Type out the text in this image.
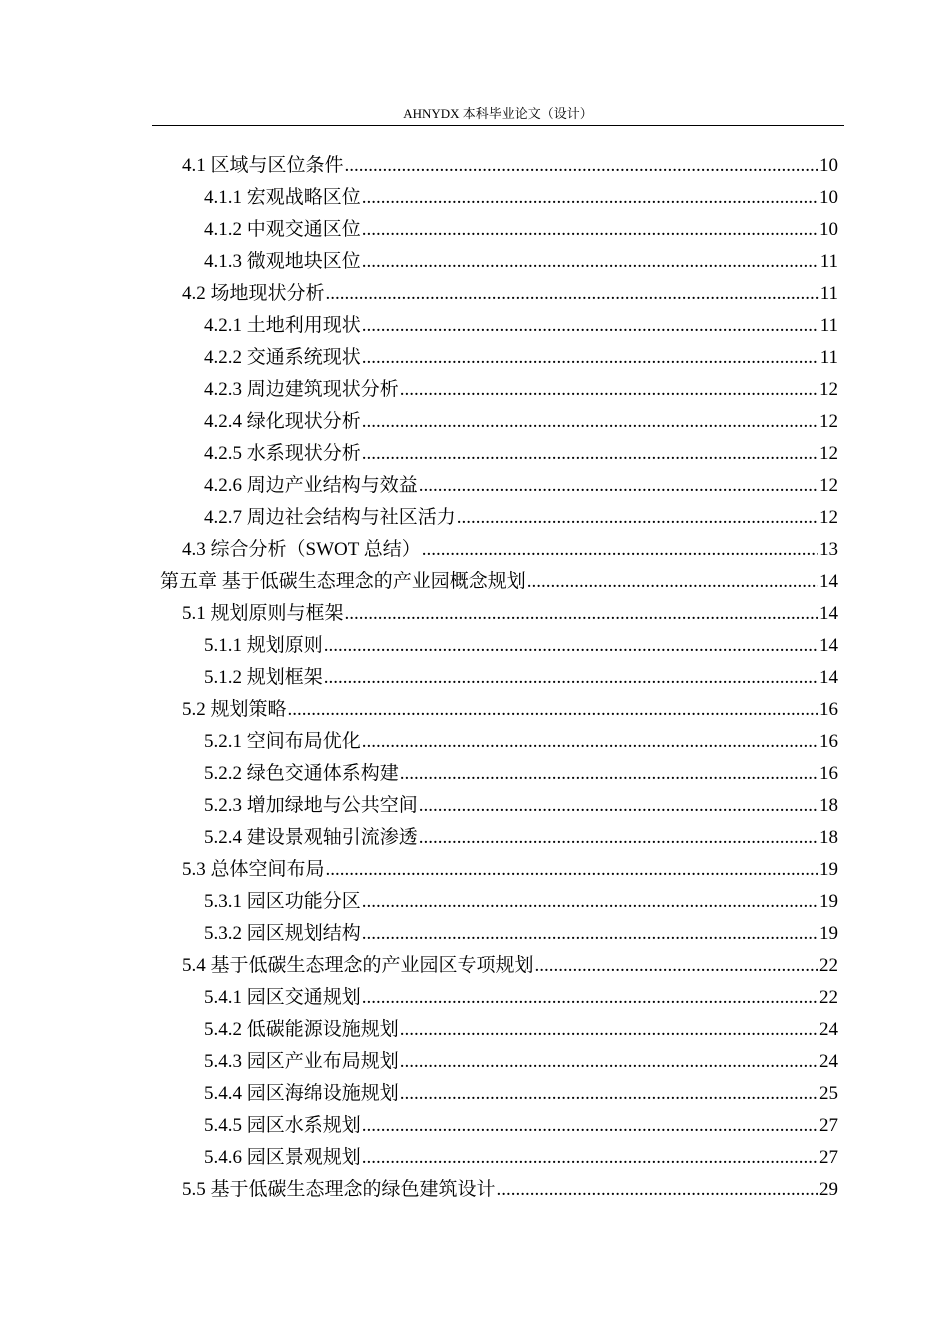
AHNYDX 本科毕业论文（设计）
4.1 区域与区位条件 .....	10
4.1.1 宏观战略区位 .....	10
4.1.2 中观交通区位 .....	10
4.1.3 微观地块区位 .....	11
4.2 场地现状分析 .....	11
4.2.1 土地利用现状 .....	11
4.2.2 交通系统现状 .....	11
4.2.3 周边建筑现状分析 .....	12
4.2.4 绿化现状分析 .....	12
4.2.5 水系现状分析 .....	12
4.2.6 周边产业结构与效益 .....	12
4.2.7 周边社会结构与社区活力 .....	12
4.3 综合分析（SWOT 总结） .....	13
第五章 基于低碳生态理念的产业园概念规划 .....	14
5.1 规划原则与框架 .....	14
5.1.1 规划原则 .....	14
5.1.2 规划框架 .....	14
5.2 规划策略 .....	16
5.2.1 空间布局优化 .....	16
5.2.2 绿色交通体系构建 .....	16
5.2.3 增加绿地与公共空间 .....	18
5.2.4 建设景观轴引流渗透 .....	18
5.3 总体空间布局 .....	19
5.3.1 园区功能分区 .....	19
5.3.2 园区规划结构 .....	19
5.4 基于低碳生态理念的产业园区专项规划 .....	22
5.4.1 园区交通规划 .....	22
5.4.2 低碳能源设施规划 .....	24
5.4.3 园区产业布局规划 .....	24
5.4.4 园区海绵设施规划 .....	25
5.4.5 园区水系规划 .....	27
5.4.6 园区景观规划 .....	27
5.5 基于低碳生态理念的绿色建筑设计 .....	29
